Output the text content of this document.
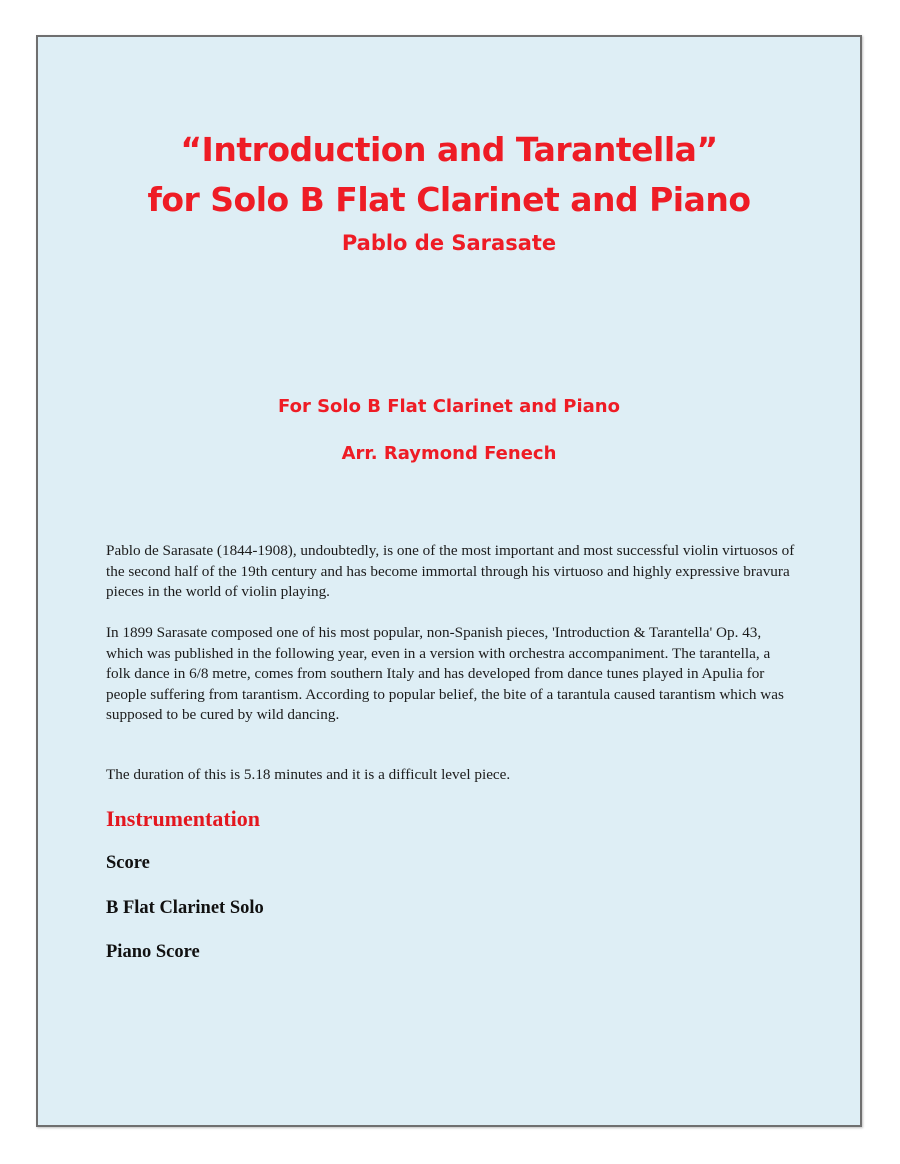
“Introduction and Tarantella”
for Solo B Flat Clarinet and Piano
Pablo de Sarasate
For Solo B Flat Clarinet and Piano
Arr. Raymond Fenech

Pablo de Sarasate (1844-1908), undoubtedly, is one of the most important and most successful violin virtuosos of the second half of the 19th century and has become immortal through his virtuoso and highly expressive bravura pieces in the world of violin playing.

In 1899 Sarasate composed one of his most popular, non-Spanish pieces, 'Introduction & Tarantella' Op. 43, which was published in the following year, even in a version with orchestra accompaniment. The tarantella, a folk dance in 6/8 metre, comes from southern Italy and has developed from dance tunes played in Apulia for people suffering from tarantism. According to popular belief, the bite of a tarantula caused tarantism which was supposed to be cured by wild dancing.

The duration of this is 5.18 minutes and it is a difficult level piece.

Instrumentation

Score

B Flat Clarinet Solo

Piano Score
